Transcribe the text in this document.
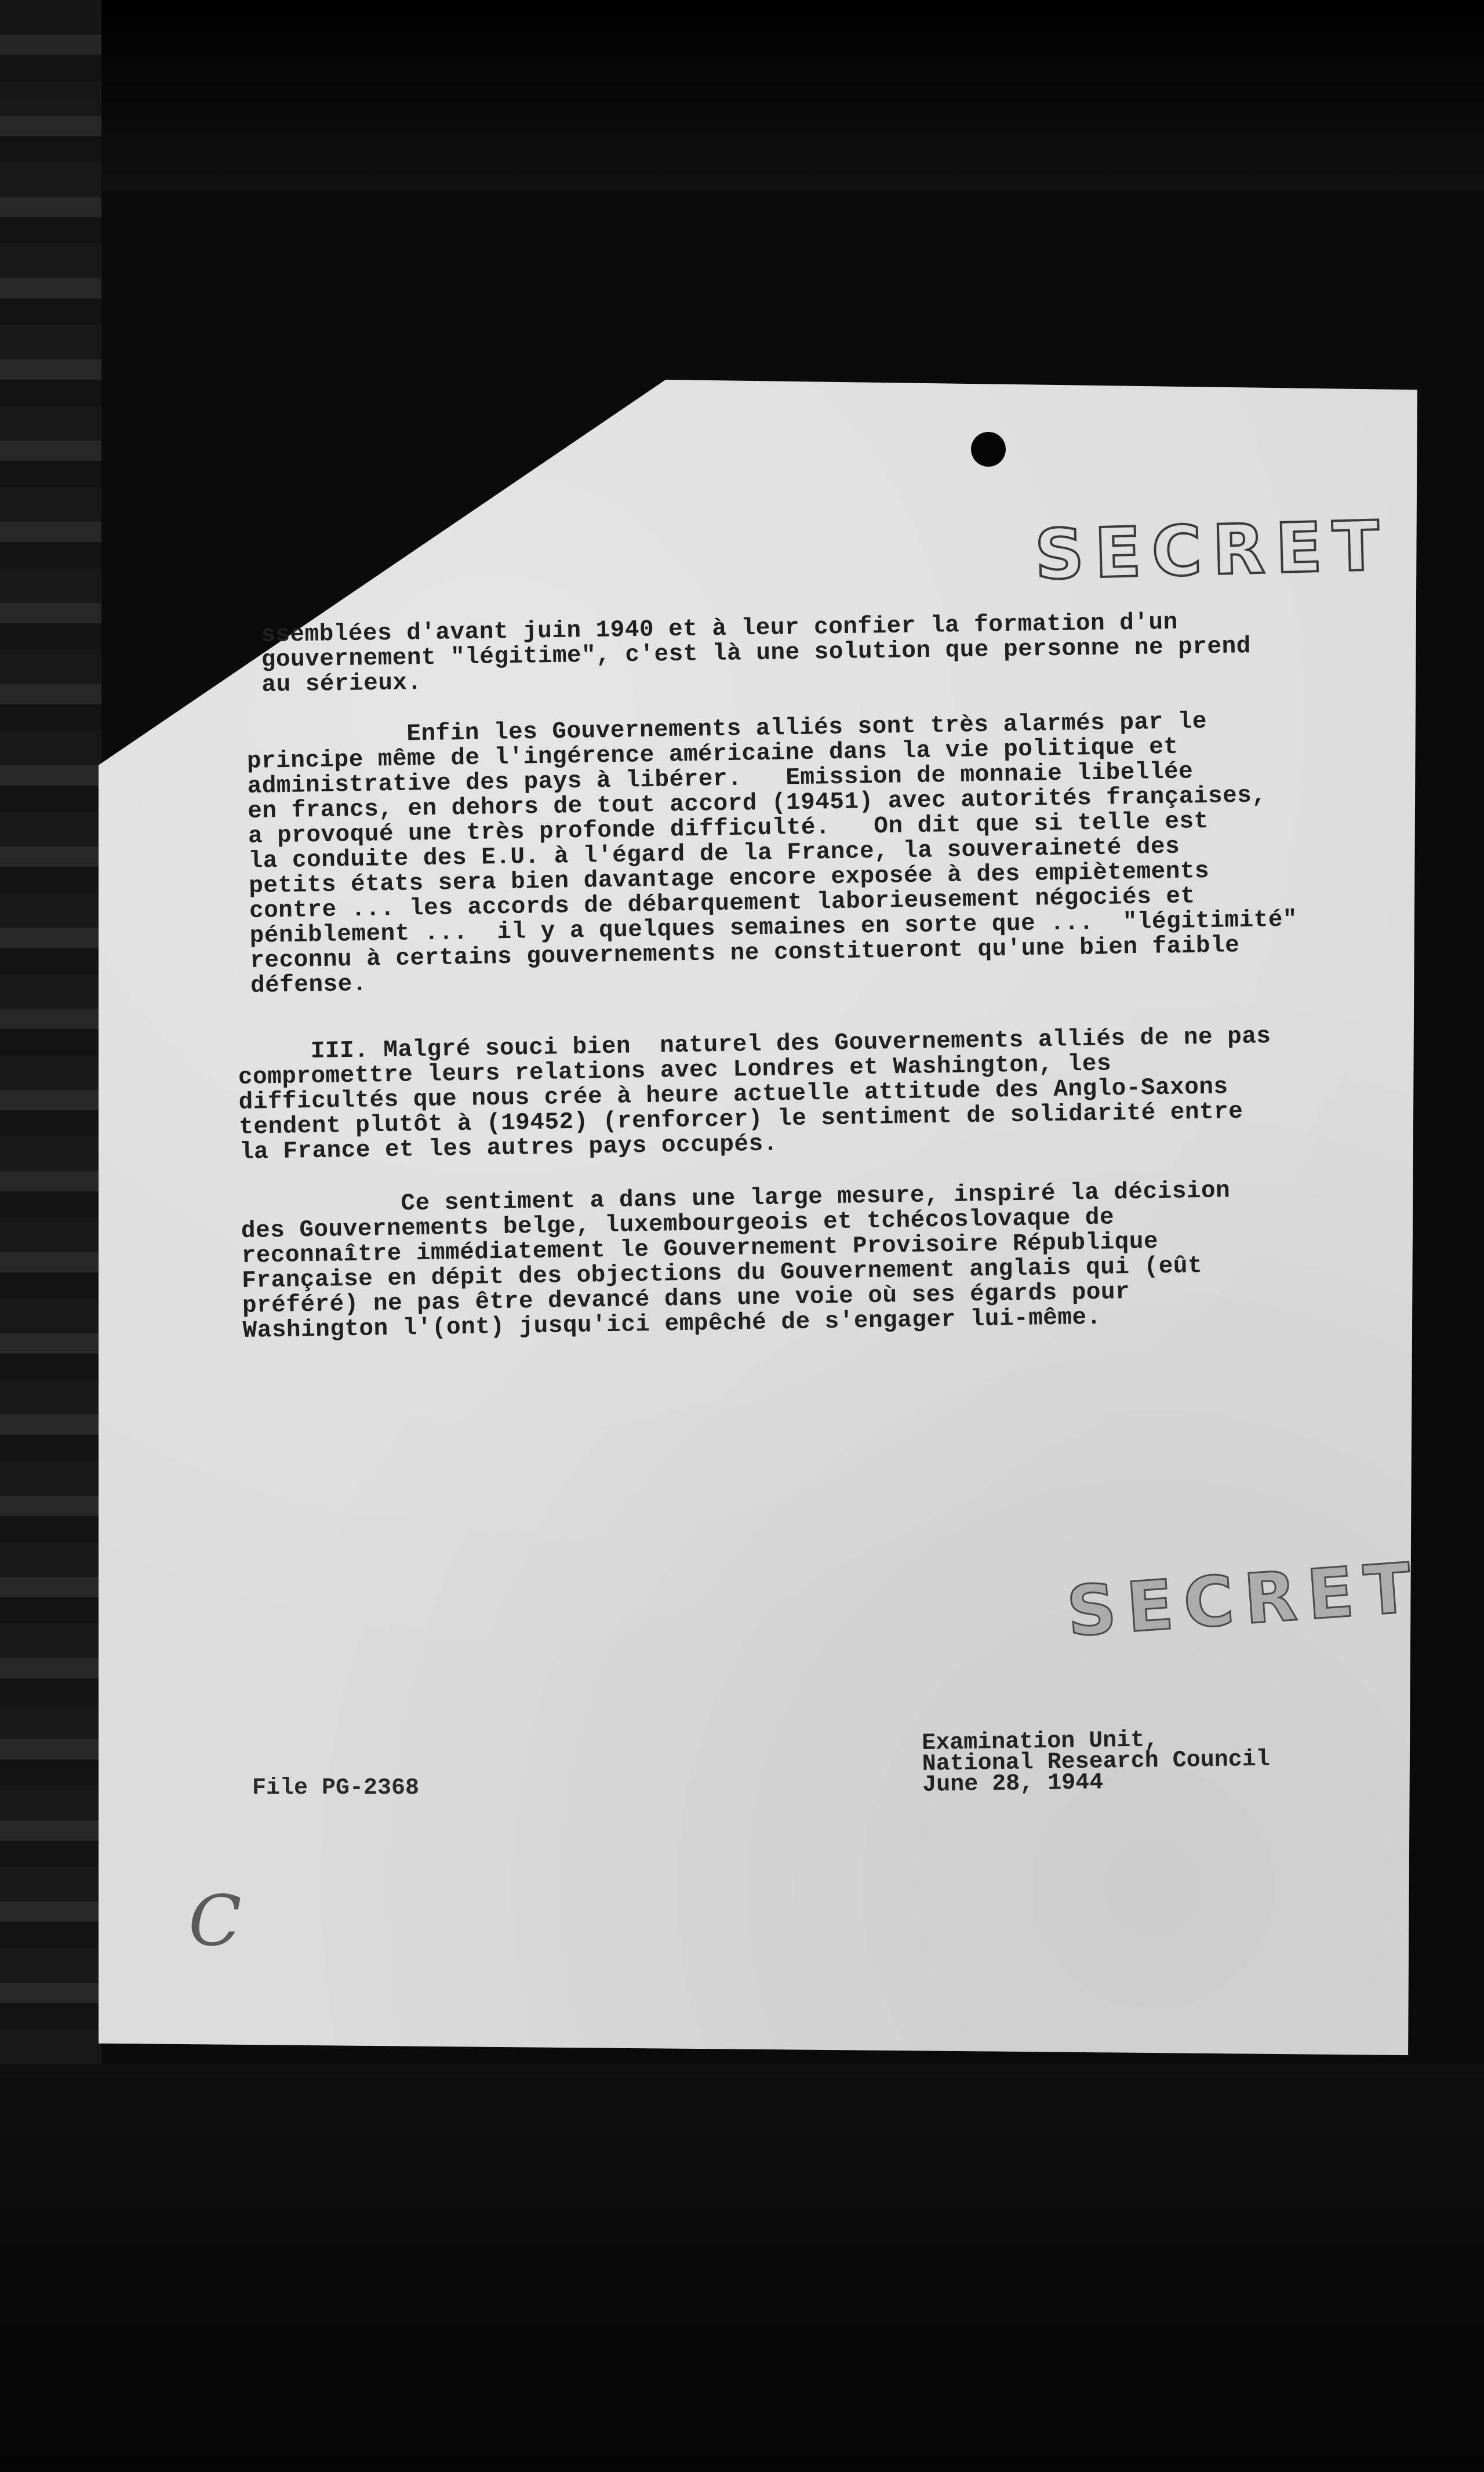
SECRET

ssemblées d'avant juin 1940 et à leur confier la formation d'un
gouvernement "légitime", c'est là une solution que personne ne prend
au sérieux.

Enfin les Gouvernements alliés sont très alarmés par le
principe même de l'ingérence américaine dans la vie politique et
administrative des pays à libérer.   Emission de monnaie libellée
en francs, en dehors de tout accord (19451) avec autorités françaises,
a provoqué une très profonde difficulté.   On dit que si telle est
la conduite des E.U. à l'égard de la France, la souveraineté des
petits états sera bien davantage encore exposée à des empiètements
contre ... les accords de débarquement laborieusement négociés et
péniblement ...  il y a quelques semaines en sorte que ...  "légitimité"
reconnu à certains gouvernements ne constitueront qu'une bien faible
défense.

III. Malgré souci bien  naturel des Gouvernements alliés de ne pas
compromettre leurs relations avec Londres et Washington, les
difficultés que nous crée à heure actuelle attitude des Anglo-Saxons
tendent plutôt à (19452) (renforcer) le sentiment de solidarité entre
la France et les autres pays occupés.

Ce sentiment a dans une large mesure, inspiré la décision
des Gouvernements belge, luxembourgeois et tchécoslovaque de
reconnaître immédiatement le Gouvernement Provisoire République
Française en dépit des objections du Gouvernement anglais qui (eût
préféré) ne pas être devancé dans une voie où ses égards pour
Washington l'(ont) jusqu'ici empêché de s'engager lui-même.

SECRET
File PG-2368
Examination Unit,
National Research Council
June 28, 1944
C
